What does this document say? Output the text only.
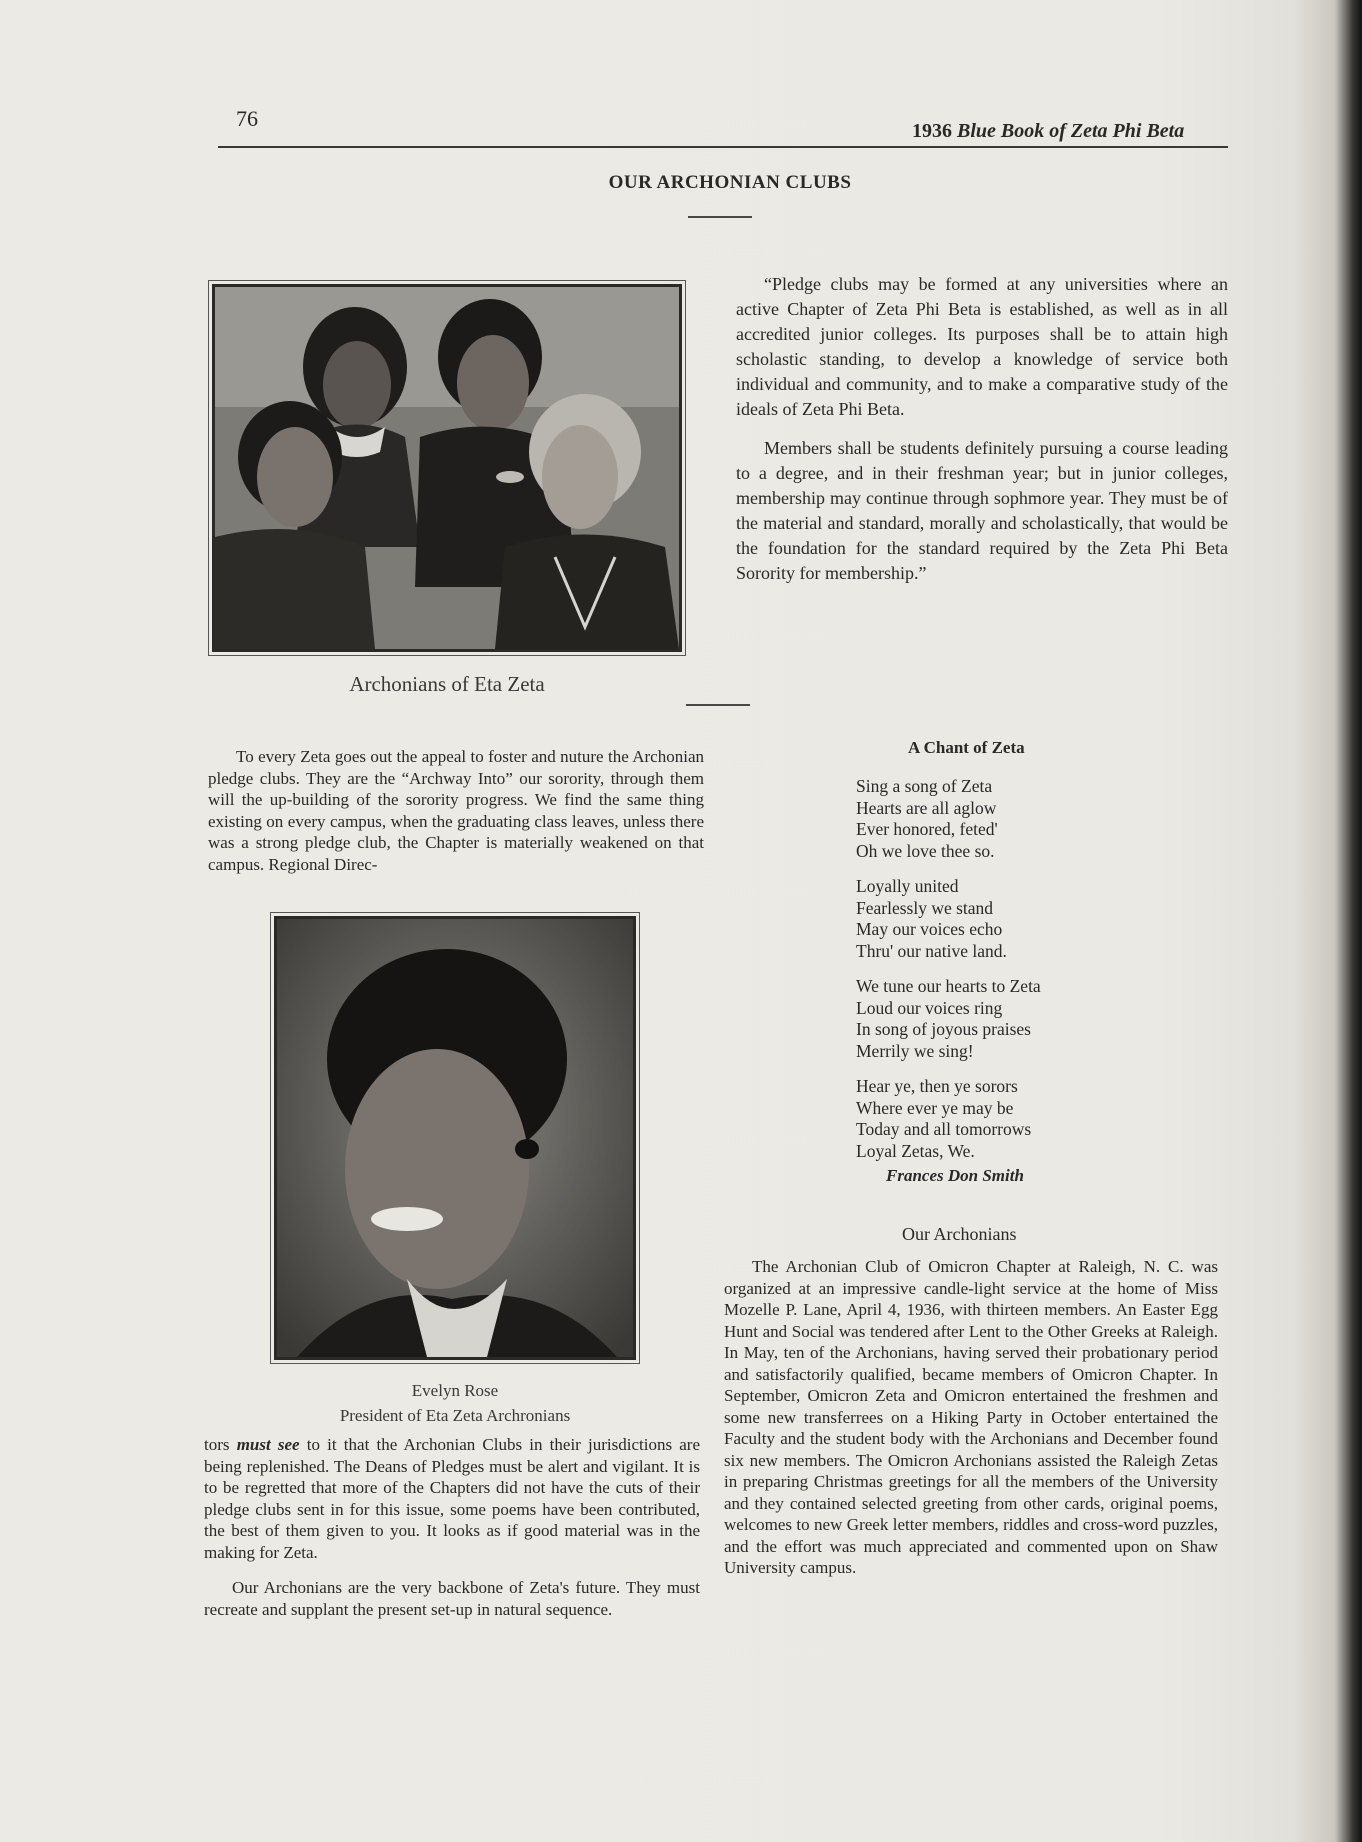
76	1936 Blue Book of Zeta Phi Beta
OUR ARCHONIAN CLUBS
Archonians of Eta Zeta

“Pledge clubs may be formed at any universities where an active Chapter of Zeta Phi Beta is established, as well as in all accredited junior colleges. Its purposes shall be to attain high scholastic standing, to develop a knowledge of service both individual and community, and to make a comparative study of the ideals of Zeta Phi Beta.

Members shall be students definitely pursuing a course leading to a degree, and in their freshman year; but in junior colleges, membership may continue through sophmore year. They must be of the material and standard, morally and scholastically, that would be the foundation for the standard required by the Zeta Phi Beta Sorority for membership.”

To every Zeta goes out the appeal to foster and nuture the Archonian pledge clubs. They are the “Archway Into” our sorority, through them will the up-building of the sorority progress. We find the same thing existing on every campus, when the graduating class leaves, unless there was a strong pledge club, the Chapter is materially weakened on that campus. Regional Direc-

Evelyn Rose
President of Eta Zeta Archronians

tors must see to it that the Archonian Clubs in their jurisdictions are being replenished. The Deans of Pledges must be alert and vigilant. It is to be regretted that more of the Chapters did not have the cuts of their pledge clubs sent in for this issue, some poems have been contributed, the best of them given to you. It looks as if good material was in the making for Zeta.

Our Archonians are the very backbone of Zeta's future. They must recreate and supplant the present set-up in natural sequence.

A Chant of Zeta
Sing a song of Zeta
Hearts are all aglow
Ever honored, feted'
Oh we love thee so.
Loyally united
Fearlessly we stand
May our voices echo
Thru' our native land.
We tune our hearts to Zeta
Loud our voices ring
In song of joyous praises
Merrily we sing!
Hear ye, then ye sorors
Where ever ye may be
Today and all tomorrows
Loyal Zetas, We.
Frances Don Smith
Our Archonians

The Archonian Club of Omicron Chapter at Raleigh, N. C. was organized at an impressive candle-light service at the home of Miss Mozelle P. Lane, April 4, 1936, with thirteen members. An Easter Egg Hunt and Social was tendered after Lent to the Other Greeks at Raleigh. In May, ten of the Archonians, having served their probationary period and satisfactorily qualified, became members of Omicron Chapter. In September, Omicron Zeta and Omicron entertained the freshmen and some new transferrees on a Hiking Party in October entertained the Faculty and the student body with the Archonians and December found six new members. The Omicron Archonians assisted the Raleigh Zetas in preparing Christmas greetings for all the members of the University and they contained selected greeting from other cards, original poems, welcomes to new Greek letter members, riddles and cross-word puzzles, and the effort was much appreciated and commented upon on Shaw University campus.
